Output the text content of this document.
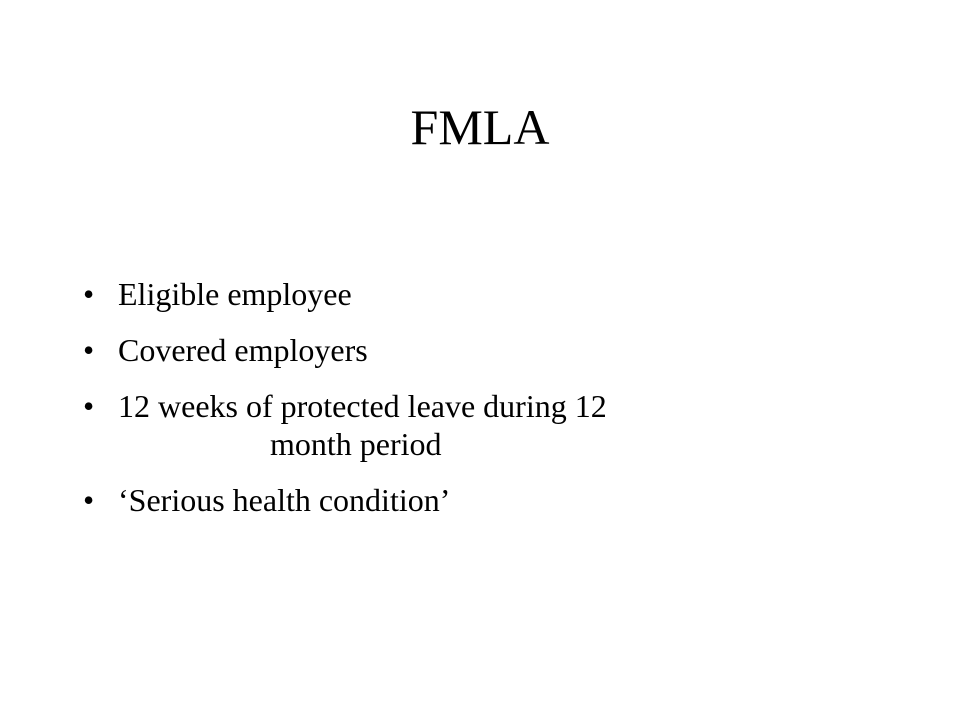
FMLA
• Eligible employee
• Covered employers
• 12 weeks of protected leave during 12
month period
• ‘Serious health condition’
